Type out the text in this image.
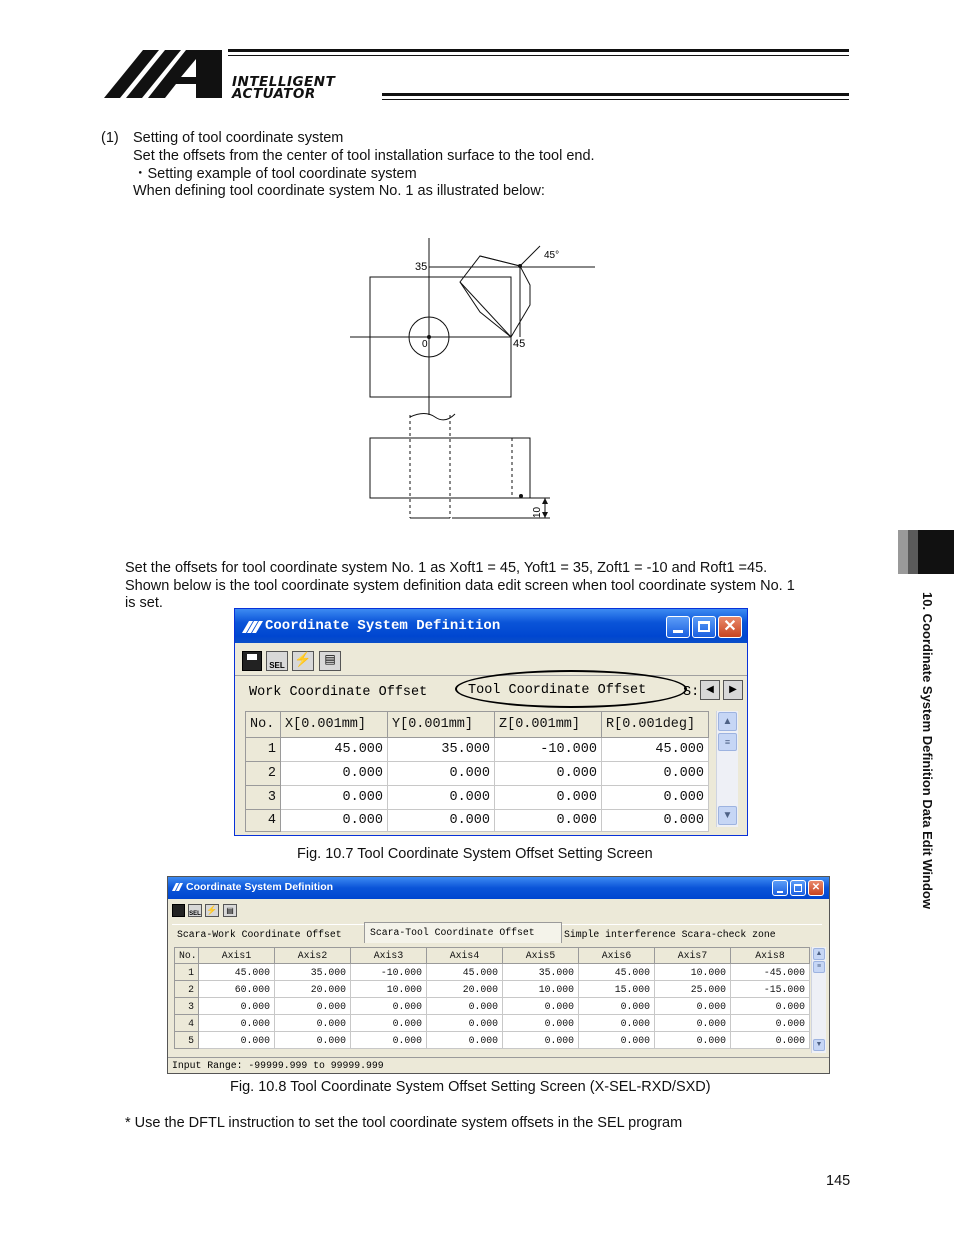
INTELLIGENT
ACTUATOR
10. Coordinate System Definition Data Edit Window
(1) Setting of tool coordinate system
Set the offsets from the center of tool installation surface to the tool end.
・Setting example of tool coordinate system
When defining tool coordinate system No. 1 as illustrated below:
35
45°
45
0
10
Set the offsets for tool coordinate system No. 1 as Xoft1 = 45, Yoft1 = 35, Zoft1 = -10 and Roft1 =45.
Shown below is the tool coordinate system definition data edit screen when tool coordinate system No. 1
is set.
Coordinate System Definition	✕
SEL ⚡	▤
Work Coordinate Offset	Tool Coordinate Offset	S: ◀	▶
No.	X[0.001mm]	Y[0.001mm]	Z[0.001mm]	R[0.001deg]
1	45.000	35.000	-10.000	45.000
2	0.000	0.000	0.000	0.000
3	0.000	0.000	0.000	0.000
4	0.000	0.000	0.000	0.000
▲
≡
▼
Fig. 10.7 Tool Coordinate System Offset Setting Screen
Coordinate System Definition	✕
SEL ⚡	▤
Scara-Work Coordinate Offset	Scara-Tool Coordinate Offset	Simple interference Scara-check zone
No.	Axis1	Axis2	Axis3	Axis4	Axis5	Axis6	Axis7	Axis8
1	45.000	35.000	-10.000	45.000	35.000	45.000	10.000	-45.000
2	60.000	20.000	10.000	20.000	10.000	15.000	25.000	-15.000
3	0.000	0.000	0.000	0.000	0.000	0.000	0.000	0.000
4	0.000	0.000	0.000	0.000	0.000	0.000	0.000	0.000
5	0.000	0.000	0.000	0.000	0.000	0.000	0.000	0.000
▲
≡
▼
Input Range: -99999.999 to 99999.999
Fig. 10.8 Tool Coordinate System Offset Setting Screen (X-SEL-RXD/SXD)
* Use the DFTL instruction to set the tool coordinate system offsets in the SEL program
145
